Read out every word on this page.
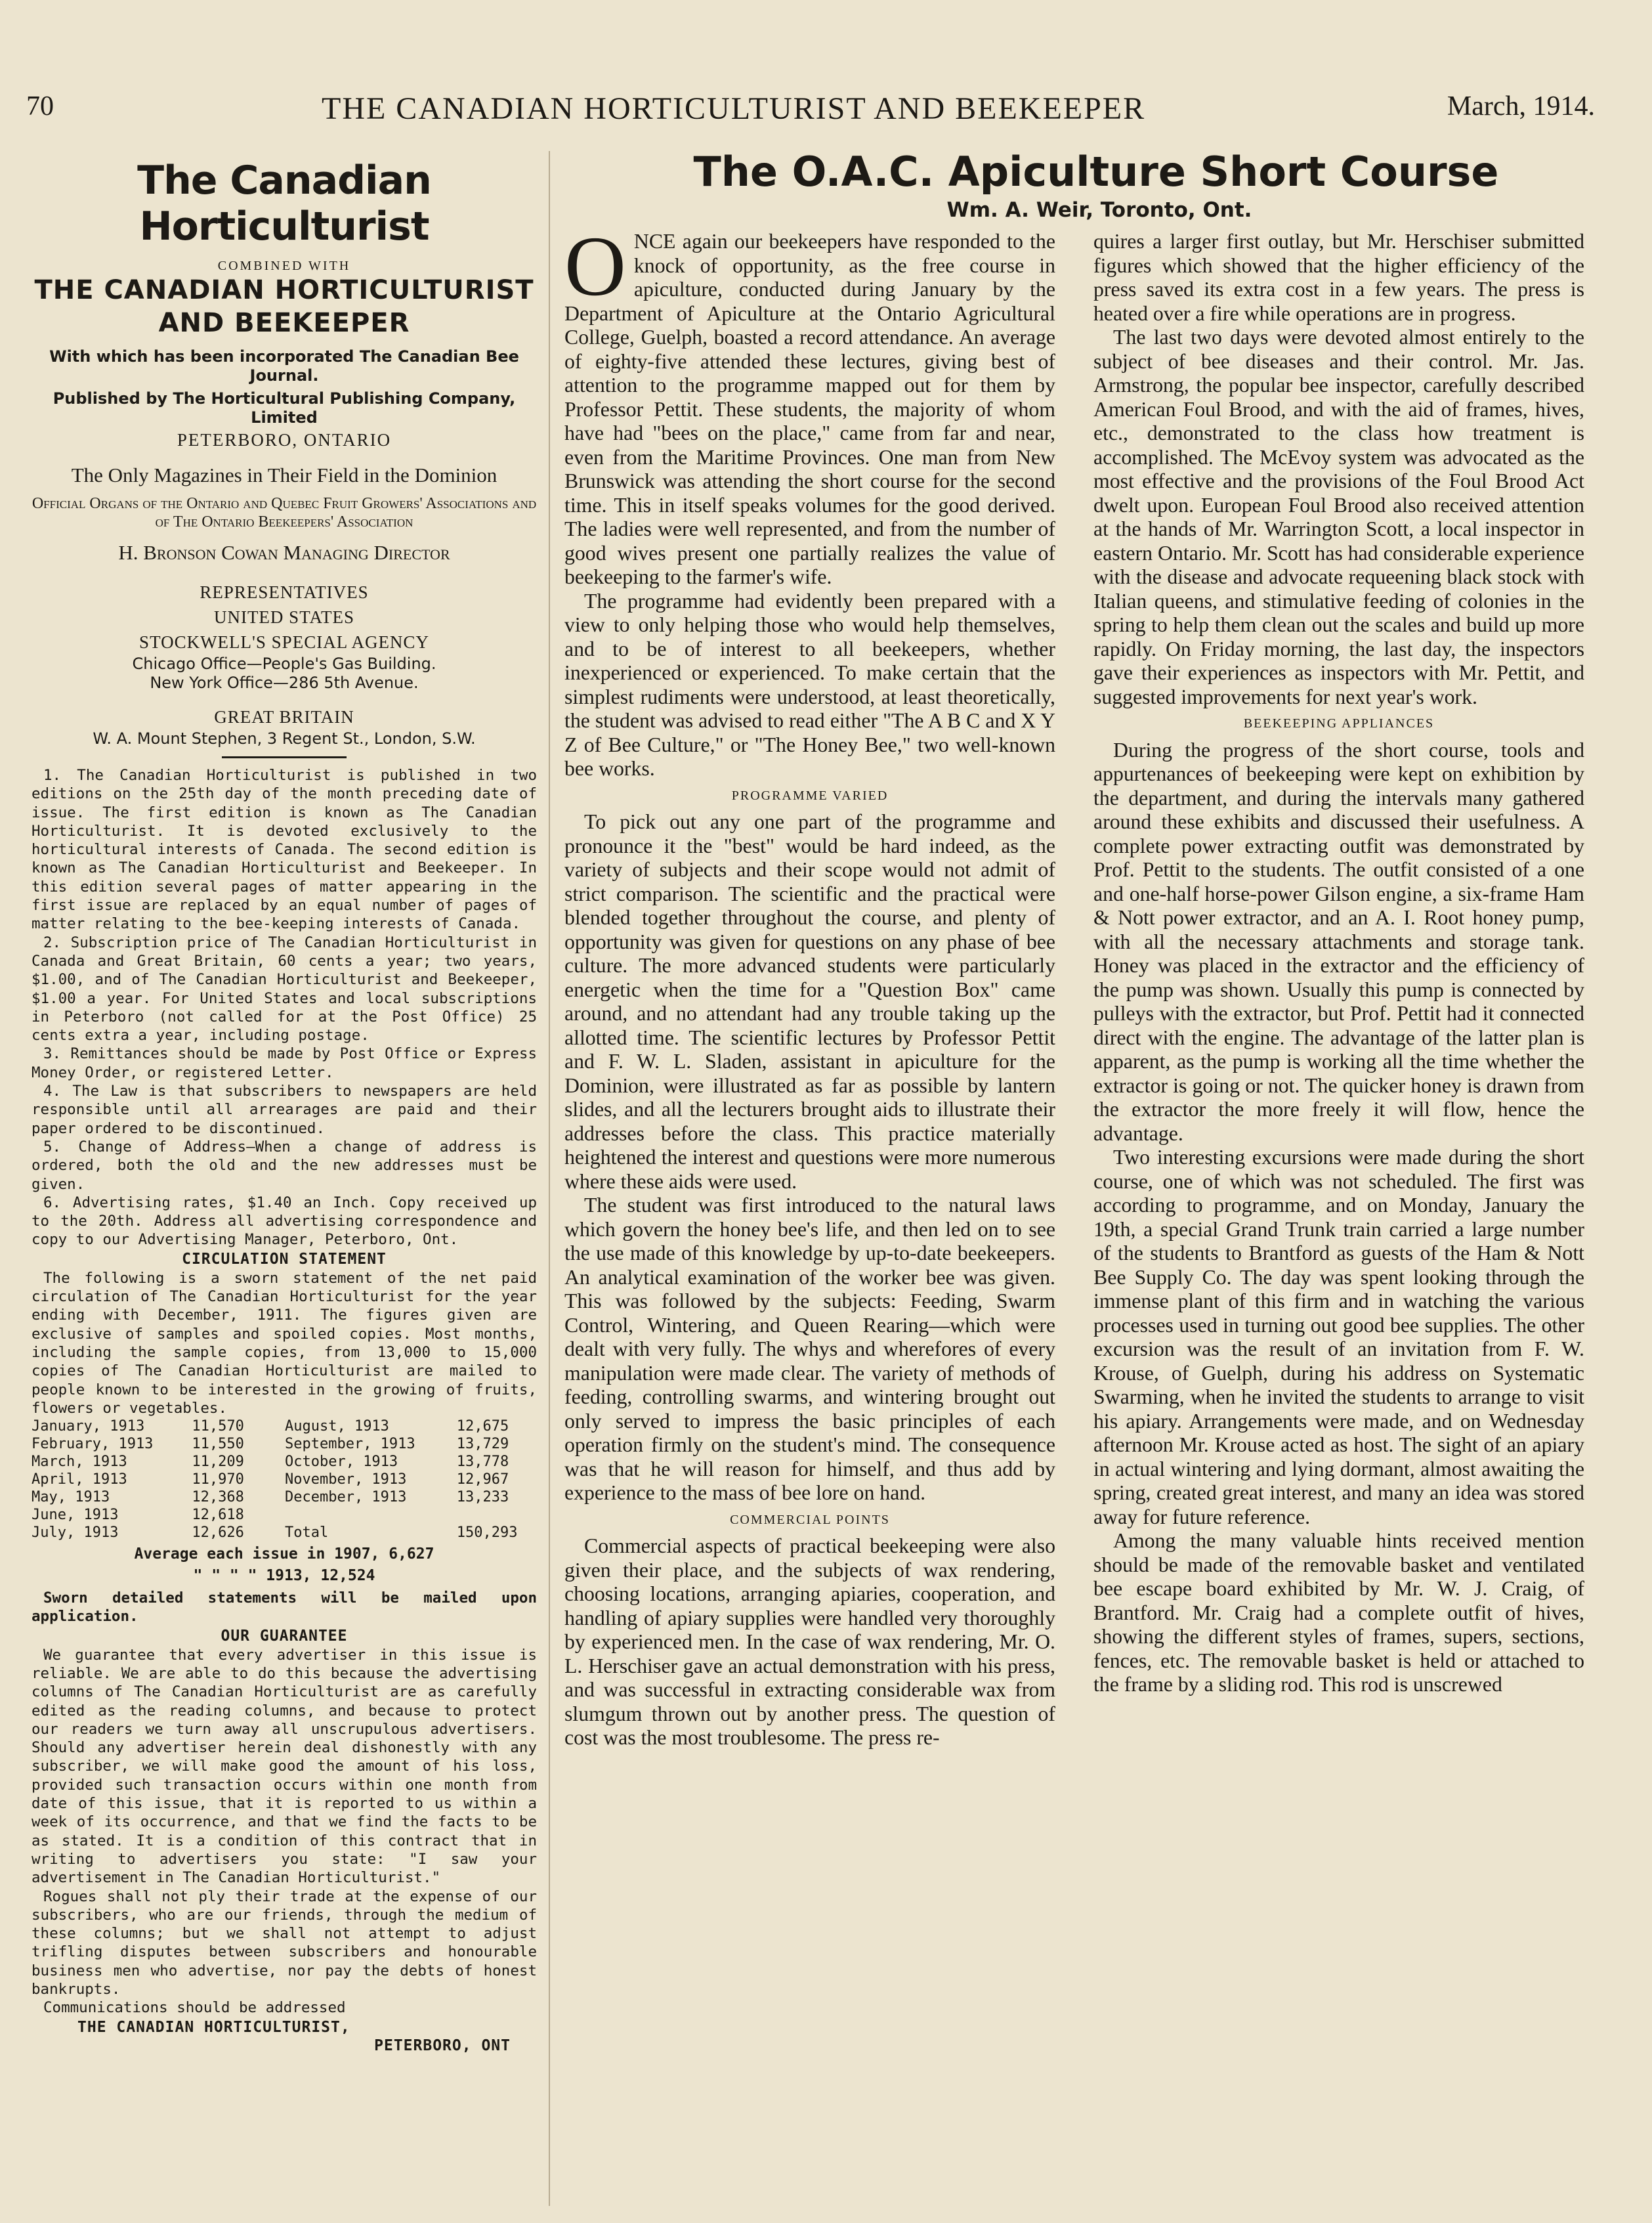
70	THE CANADIAN HORTICULTURIST AND BEEKEEPER	March, 1914.
The Canadian Horticulturist
COMBINED WITH
THE CANADIAN HORTICULTURIST AND BEEKEEPER
With which has been incorporated The Canadian Bee Journal.
Published by The Horticultural Publishing Company, Limited
PETERBORO, ONTARIO
The Only Magazines in Their Field in the Dominion
Official Organs of the Ontario and Quebec Fruit Growers' Associations and of The Ontario Beekeepers' Association
H. Bronson Cowan Managing Director
REPRESENTATIVES
UNITED STATES
STOCKWELL'S SPECIAL AGENCY
Chicago Office—People's Gas Building.
New York Office—286 5th Avenue.
GREAT BRITAIN
W. A. Mount Stephen, 3 Regent St., London, S.W.

1. The Canadian Horticulturist is published in two editions on the 25th day of the month preceding date of issue. The first edition is known as The Canadian Horticulturist. It is devoted exclusively to the horticultural interests of Canada. The second edition is known as The Canadian Horticulturist and Beekeeper. In this edition several pages of matter appearing in the first issue are replaced by an equal number of pages of matter relating to the bee-keeping interests of Canada.

2. Subscription price of The Canadian Horticulturist in Canada and Great Britain, 60 cents a year; two years, $1.00, and of The Canadian Horticulturist and Beekeeper, $1.00 a year. For United States and local subscriptions in Peterboro (not called for at the Post Office) 25 cents extra a year, including postage.

3. Remittances should be made by Post Office or Express Money Order, or registered Letter.

4. The Law is that subscribers to newspapers are held responsible until all arrearages are paid and their paper ordered to be discontinued.

5. Change of Address—When a change of address is ordered, both the old and the new addresses must be given.

6. Advertising rates, $1.40 an Inch. Copy received up to the 20th. Address all advertising correspondence and copy to our Advertising Manager, Peterboro, Ont.

CIRCULATION STATEMENT

The following is a sworn statement of the net paid circulation of The Canadian Horticulturist for the year ending with December, 1911. The figures given are exclusive of samples and spoiled copies. Most months, including the sample copies, from 13,000 to 15,000 copies of The Canadian Horticulturist are mailed to people known to be interested in the growing of fruits, flowers or vegetables.

January, 1913	11,570	August, 1913	12,675
February, 1913	11,550	September, 1913	13,729
March, 1913	11,209	October, 1913	13,778
April, 1913	11,970	November, 1913	12,967
May, 1913	12,368	December, 1913	13,233
June, 1913	12,618		
July, 1913	12,626	Total	150,293
Average each issue in 1907, 6,627
" " " " 1913, 12,524

Sworn detailed statements will be mailed upon application.

OUR GUARANTEE

We guarantee that every advertiser in this issue is reliable. We are able to do this because the advertising columns of The Canadian Horticulturist are as carefully edited as the reading columns, and because to protect our readers we turn away all unscrupulous advertisers. Should any advertiser herein deal dishonestly with any subscriber, we will make good the amount of his loss, provided such transaction occurs within one month from date of this issue, that it is reported to us within a week of its occurrence, and that we find the facts to be as stated. It is a condition of this contract that in writing to advertisers you state: "I saw your advertisement in The Canadian Horticulturist."

Rogues shall not ply their trade at the expense of our subscribers, who are our friends, through the medium of these columns; but we shall not attempt to adjust trifling disputes between subscribers and honourable business men who advertise, nor pay the debts of honest bankrupts.

Communications should be addressed

THE CANADIAN HORTICULTURIST,
PETERBORO, ONT
The O.A.C. Apiculture Short Course
Wm. A. Weir, Toronto, Ont.

ONCE again our beekeepers have responded to the knock of opportunity, as the free course in apiculture, conducted during January by the Department of Apiculture at the Ontario Agricultural College, Guelph, boasted a record attendance. An average of eighty-five attended these lectures, giving best of attention to the programme mapped out for them by Professor Pettit. These students, the majority of whom have had "bees on the place," came from far and near, even from the Maritime Provinces. One man from New Brunswick was attending the short course for the second time. This in itself speaks volumes for the good derived. The ladies were well represented, and from the number of good wives present one partially realizes the value of beekeeping to the farmer's wife.

The programme had evidently been prepared with a view to only helping those who would help themselves, and to be of interest to all beekeepers, whether inexperienced or experienced. To make certain that the simplest rudiments were understood, at least theoretically, the student was advised to read either "The A B C and X Y Z of Bee Culture," or "The Honey Bee," two well-known bee works.

PROGRAMME VARIED

To pick out any one part of the programme and pronounce it the "best" would be hard indeed, as the variety of subjects and their scope would not admit of strict comparison. The scientific and the practical were blended together throughout the course, and plenty of opportunity was given for questions on any phase of bee culture. The more advanced students were particularly energetic when the time for a "Question Box" came around, and no attendant had any trouble taking up the allotted time. The scientific lectures by Professor Pettit and F. W. L. Sladen, assistant in apiculture for the Dominion, were illustrated as far as possible by lantern slides, and all the lecturers brought aids to illustrate their addresses before the class. This practice materially heightened the interest and questions were more numerous where these aids were used.

The student was first introduced to the natural laws which govern the honey bee's life, and then led on to see the use made of this knowledge by up-to-date beekeepers. An analytical examination of the worker bee was given. This was followed by the subjects: Feeding, Swarm Control, Wintering, and Queen Rearing—which were dealt with very fully. The whys and wherefores of every manipulation were made clear. The variety of methods of feeding, controlling swarms, and wintering brought out only served to impress the basic principles of each operation firmly on the student's mind. The consequence was that he will reason for himself, and thus add by experience to the mass of bee lore on hand.

COMMERCIAL POINTS

Commercial aspects of practical beekeeping were also given their place, and the subjects of wax rendering, choosing locations, arranging apiaries, cooperation, and handling of apiary supplies were handled very thoroughly by experienced men. In the case of wax rendering, Mr. O. L. Herschiser gave an actual demonstration with his press, and was successful in extracting considerable wax from slumgum thrown out by another press. The question of cost was the most troublesome. The press re-

quires a larger first outlay, but Mr. Herschiser submitted figures which showed that the higher efficiency of the press saved its extra cost in a few years. The press is heated over a fire while operations are in progress.

The last two days were devoted almost entirely to the subject of bee diseases and their control. Mr. Jas. Armstrong, the popular bee inspector, carefully described American Foul Brood, and with the aid of frames, hives, etc., demonstrated to the class how treatment is accomplished. The McEvoy system was advocated as the most effective and the provisions of the Foul Brood Act dwelt upon. European Foul Brood also received attention at the hands of Mr. Warrington Scott, a local inspector in eastern Ontario. Mr. Scott has had considerable experience with the disease and advocate requeening black stock with Italian queens, and stimulative feeding of colonies in the spring to help them clean out the scales and build up more rapidly. On Friday morning, the last day, the inspectors gave their experiences as inspectors with Mr. Pettit, and suggested improvements for next year's work.

BEEKEEPING APPLIANCES

During the progress of the short course, tools and appurtenances of beekeeping were kept on exhibition by the department, and during the intervals many gathered around these exhibits and discussed their usefulness. A complete power extracting outfit was demonstrated by Prof. Pettit to the students. The outfit consisted of a one and one-half horse-power Gilson engine, a six-frame Ham & Nott power extractor, and an A. I. Root honey pump, with all the necessary attachments and storage tank. Honey was placed in the extractor and the efficiency of the pump was shown. Usually this pump is connected by pulleys with the extractor, but Prof. Pettit had it connected direct with the engine. The advantage of the latter plan is apparent, as the pump is working all the time whether the extractor is going or not. The quicker honey is drawn from the extractor the more freely it will flow, hence the advantage.

Two interesting excursions were made during the short course, one of which was not scheduled. The first was according to programme, and on Monday, January the 19th, a special Grand Trunk train carried a large number of the students to Brantford as guests of the Ham & Nott Bee Supply Co. The day was spent looking through the immense plant of this firm and in watching the various processes used in turning out good bee supplies. The other excursion was the result of an invitation from F. W. Krouse, of Guelph, during his address on Systematic Swarming, when he invited the students to arrange to visit his apiary. Arrangements were made, and on Wednesday afternoon Mr. Krouse acted as host. The sight of an apiary in actual wintering and lying dormant, almost awaiting the spring, created great interest, and many an idea was stored away for future reference.

Among the many valuable hints received mention should be made of the removable basket and ventilated bee escape board exhibited by Mr. W. J. Craig, of Brantford. Mr. Craig had a complete outfit of hives, showing the different styles of frames, supers, sections, fences, etc. The removable basket is held or attached to the frame by a sliding rod. This rod is unscrewed
